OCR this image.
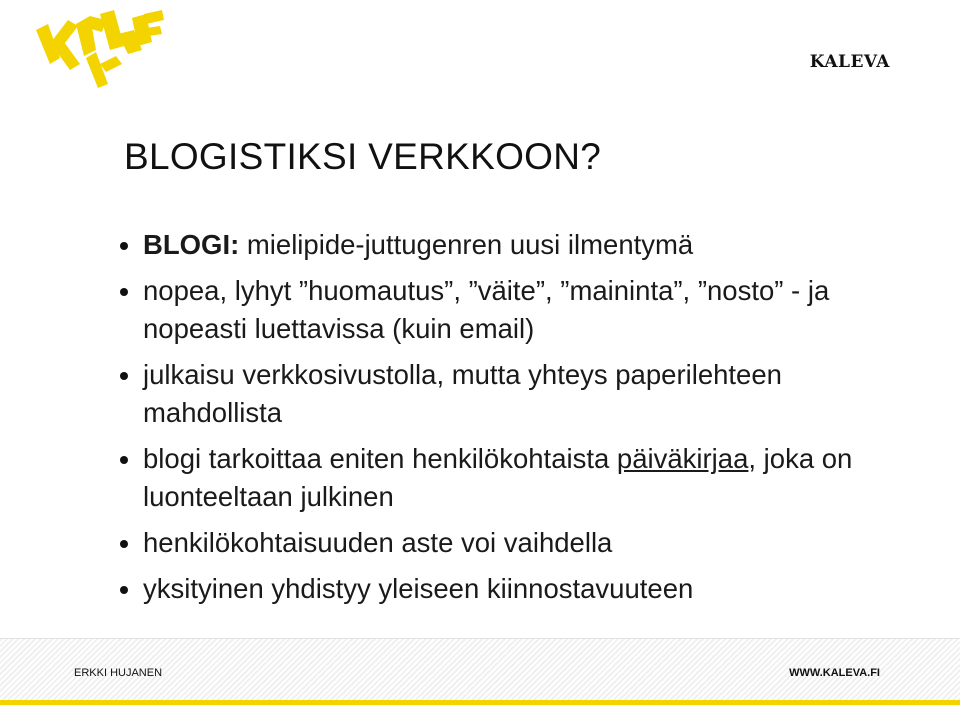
KALEVA
BLOGISTIKSI VERKKOON?
BLOGI: mielipide-juttugenren uusi ilmentymä
nopea, lyhyt ”huomautus”, ”väite”, ”maininta”, ”nosto” - ja nopeasti luettavissa (kuin email)
julkaisu verkkosivustolla, mutta yhteys paperilehteen mahdollista
blogi tarkoittaa eniten henkilökohtaista päiväkirjaa, joka on luonteeltaan julkinen
henkilökohtaisuuden aste voi vaihdella
yksityinen yhdistyy yleiseen kiinnostavuuteen
ERKKI HUJANEN	WWW.KALEVA.FI
